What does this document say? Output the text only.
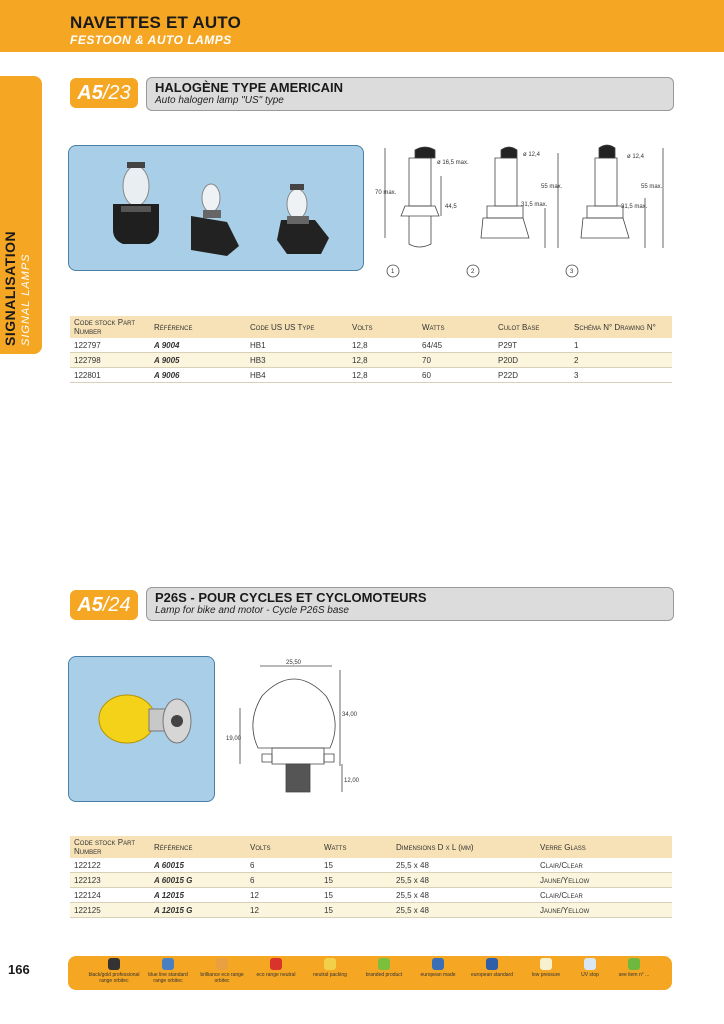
NAVETTES ET AUTO
FESTOON & AUTO LAMPS
SIGNALISATION SIGNAL LAMPS
A5 /23 HALOGÈNE TYPE AMERICAIN
Auto halogen lamp "US" type
ø 16,5 max.
70 max.
44,5
ø 12,4
55 max.
31,5 max.
ø 12,4
55 max.
31,5 max.
1	2	3
Code stock Part Number	Référence	Code US US Type	Volts	Watts	Culot Base	Schéma N° Drawing N°
122797	A 9004	HB1	12,8	64/45	P29T	1
122798	A 9005	HB3	12,8	70	P20D	2
122801	A 9006	HB4	12,8	60	P22D	3
A5 /24 P26S - POUR CYCLES ET CYCLOMOTEURS
Lamp for bike and motor - Cycle P26S base
25,50
34,00
19,00
12,00
Code stock Part Number	Référence	Volts	Watts	Dimensions D x L (mm)	Verre Glass
122122	A 60015	6	15	25,5 x 48	Clair/Clear
122123	A 60015 G	6	15	25,5 x 48	Jaune/Yellow
122124	A 12015	12	15	25,5 x 48	Clair/Clear
122125	A 12015 G	12	15	25,5 x 48	Jaune/Yellow
166	black/gold professional range orbitec
blue line standard range orbitec
brilliance eco range orbitec
eco range neutral	neutral packing	branded product	european made	european standard	low pressure	UV stop	see item n° ...
